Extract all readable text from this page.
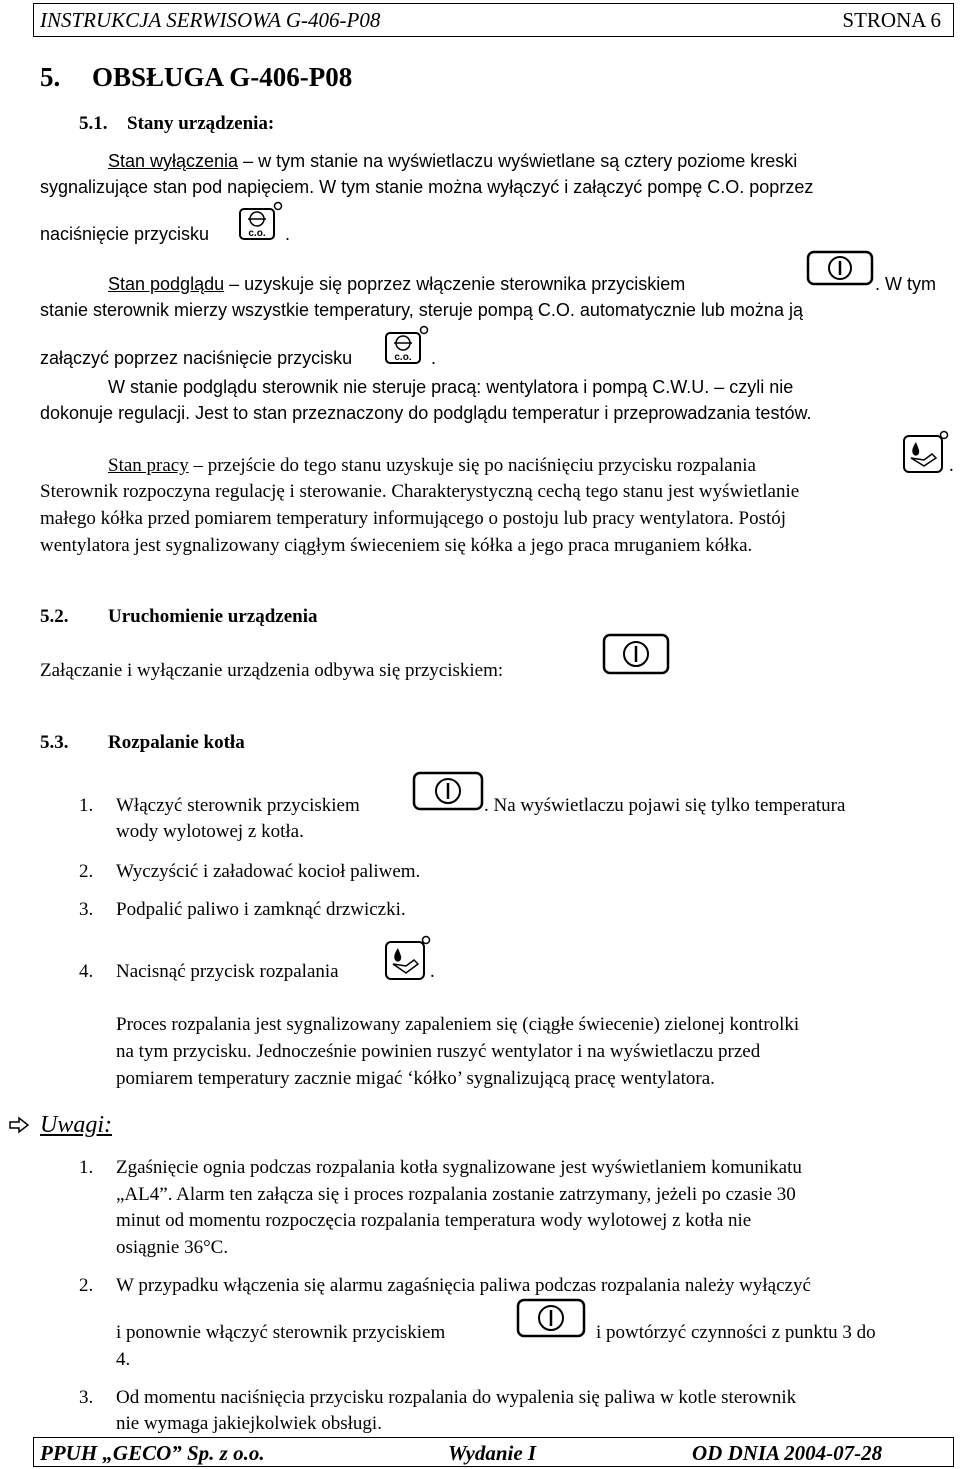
INSTRUKCJA SERWISOWA G-406-P08	STRONA 6
5. OBSŁUGA G-406-P08
5.1. Stany urządzenia:
Stan wyłączenia – w tym stanie na wyświetlaczu wyświetlane są cztery poziome kreski
sygnalizujące stan pod napięciem. W tym stanie można wyłączyć i załączyć pompę C.O. poprzez
naciśnięcie przycisku	c.o. .
Stan podglądu – uzyskuje się poprzez włączenie sterownika przyciskiem	. W tym
stanie sterownik mierzy wszystkie temperatury, steruje pompą C.O. automatycznie lub można ją
załączyć poprzez naciśnięcie przycisku	c.o. .
W stanie podglądu sterownik nie steruje pracą: wentylatora i pompą C.W.U. – czyli nie
dokonuje regulacji. Jest to stan przeznaczony do podglądu temperatur i przeprowadzania testów.
Stan pracy – przejście do tego stanu uzyskuje się po naciśnięciu przycisku rozpalania	.
Sterownik rozpoczyna regulację i sterowanie. Charakterystyczną cechą tego stanu jest wyświetlanie
małego kółka przed pomiarem temperatury informującego o postoju lub pracy wentylatora. Postój
wentylatora jest sygnalizowany ciągłym świeceniem się kółka a jego praca mruganiem kółka.
5.2. Uruchomienie urządzenia
Załączanie i wyłączanie urządzenia odbywa się przyciskiem:
5.3. Rozpalanie kotła
1. Włączyć sterownik przyciskiem	. Na wyświetlaczu pojawi się tylko temperatura
wody wylotowej z kotła.
2. Wyczyścić i załadować kocioł paliwem.
3. Podpalić paliwo i zamknąć drzwiczki.
4. Nacisnąć przycisk rozpalania	.
Proces rozpalania jest sygnalizowany zapaleniem się (ciągłe świecenie) zielonej kontrolki
na tym przycisku. Jednocześnie powinien ruszyć wentylator i na wyświetlaczu przed
pomiarem temperatury zacznie migać ‘kółko’ sygnalizującą pracę wentylatora.
Uwagi:
1. Zgaśnięcie ognia podczas rozpalania kotła sygnalizowane jest wyświetlaniem komunikatu
„AL4”. Alarm ten załącza się i proces rozpalania zostanie zatrzymany, jeżeli po czasie 30
minut od momentu rozpoczęcia rozpalania temperatura wody wylotowej z kotła nie
osiągnie 36°C.
2. W przypadku włączenia się alarmu zagaśnięcia paliwa podczas rozpalania należy wyłączyć
i ponownie włączyć sterownik przyciskiem	i powtórzyć czynności z punktu 3 do
4.
3. Od momentu naciśnięcia przycisku rozpalania do wypalenia się paliwa w kotle sterownik
nie wymaga jakiejkolwiek obsługi.
PPUH „GECO” Sp. z o.o.	Wydanie I	OD DNIA 2004-07-28
